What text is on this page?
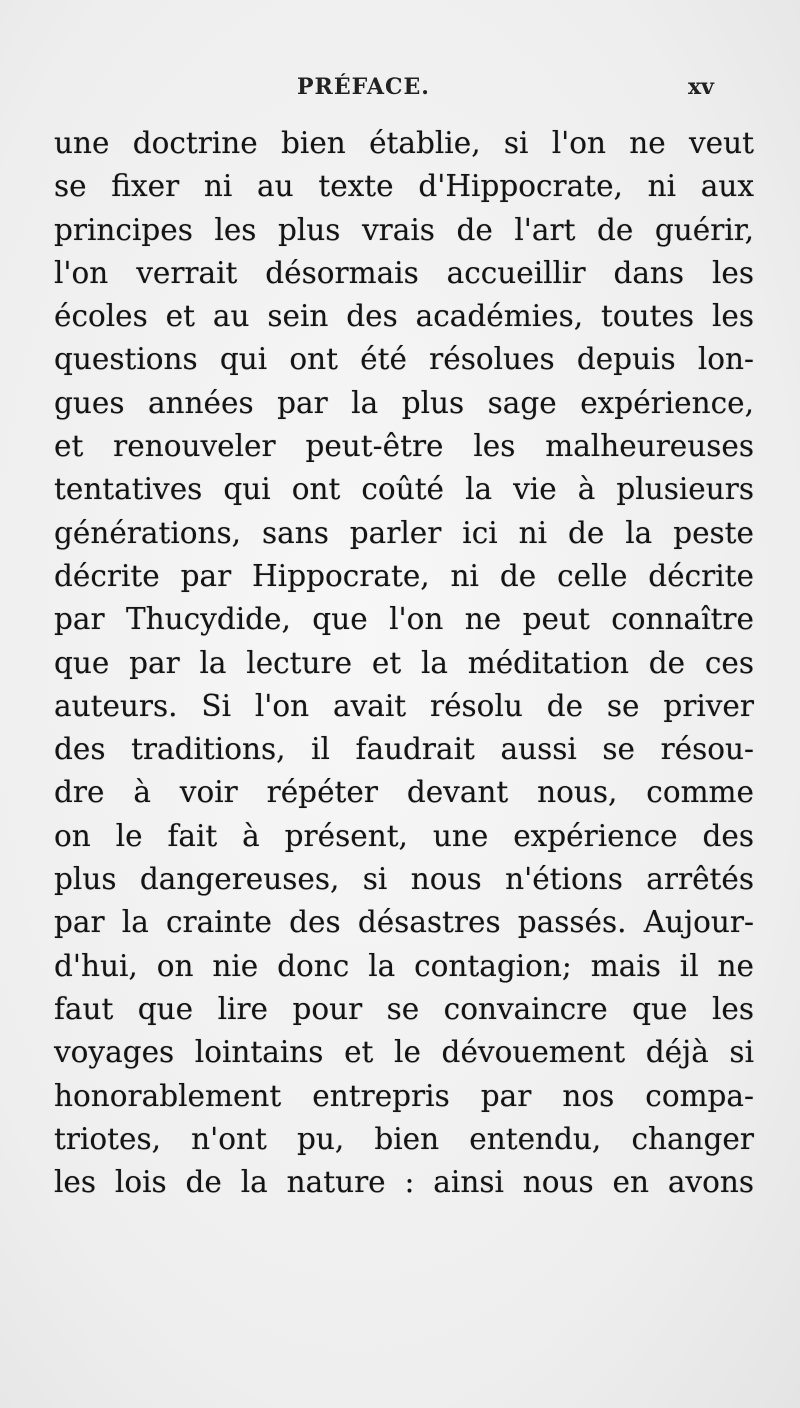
PRÉFACE.	xv
une doctrine bien établie, si l'on ne veut
se fixer ni au texte d'Hippocrate, ni aux
principes les plus vrais de l'art de guérir,
l'on verrait désormais accueillir dans les
écoles et au sein des académies, toutes les
questions qui ont été résolues depuis lon-
gues années par la plus sage expérience,
et renouveler peut-être les malheureuses
tentatives qui ont coûté la vie à plusieurs
générations, sans parler ici ni de la peste
décrite par Hippocrate, ni de celle décrite
par Thucydide, que l'on ne peut connaître
que par la lecture et la méditation de ces
auteurs. Si l'on avait résolu de se priver
des traditions, il faudrait aussi se résou-
dre à voir répéter devant nous, comme
on le fait à présent, une expérience des
plus dangereuses, si nous n'étions arrêtés
par la crainte des désastres passés. Aujour-
d'hui, on nie donc la contagion; mais il ne
faut que lire pour se convaincre que les
voyages lointains et le dévouement déjà si
honorablement entrepris par nos compa-
triotes, n'ont pu, bien entendu, changer
les lois de la nature : ainsi nous en avons
